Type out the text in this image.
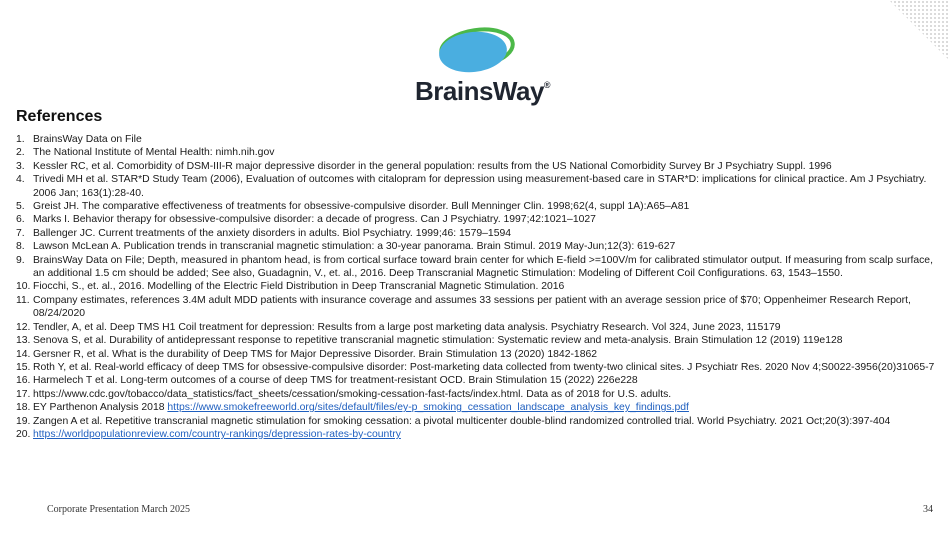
BrainsWay®
References
1. BrainsWay Data on File
2. The National Institute of Mental Health: nimh.nih.gov
3. Kessler RC, et al. Comorbidity of DSM-III-R major depressive disorder in the general population: results from the US National Comorbidity Survey Br J Psychiatry Suppl. 1996
4. Trivedi MH et al. STAR*D Study Team (2006), Evaluation of outcomes with citalopram for depression using measurement-based care in STAR*D: implications for clinical practice. Am J Psychiatry. 2006 Jan; 163(1):28-40.
5. Greist JH. The comparative effectiveness of treatments for obsessive-compulsive disorder. Bull Menninger Clin. 1998;62(4, suppl 1A):A65–A81
6. Marks I. Behavior therapy for obsessive-compulsive disorder: a decade of progress. Can J Psychiatry. 1997;42:1021–1027
7. Ballenger JC. Current treatments of the anxiety disorders in adults. Biol Psychiatry. 1999;46: 1579–1594
8. Lawson McLean A. Publication trends in transcranial magnetic stimulation: a 30-year panorama. Brain Stimul. 2019 May-Jun;12(3): 619-627
9. BrainsWay Data on File; Depth, measured in phantom head, is from cortical surface toward brain center for which E-field >=100V/m for calibrated stimulator output. If measuring from scalp surface, an additional 1.5 cm should be added; See also, Guadagnin, V., et. al., 2016. Deep Transcranial Magnetic Stimulation: Modeling of Different Coil Configurations. 63, 1543–1550.
10. Fiocchi, S., et. al., 2016. Modelling of the Electric Field Distribution in Deep Transcranial Magnetic Stimulation. 2016
11. Company estimates, references 3.4M adult MDD patients with insurance coverage and assumes 33 sessions per patient with an average session price of $70; Oppenheimer Research Report, 08/24/2020
12. Tendler, A, et al. Deep TMS H1 Coil treatment for depression: Results from a large post marketing data analysis. Psychiatry Research. Vol 324, June 2023, 115179
13. Senova S, et al. Durability of antidepressant response to repetitive transcranial magnetic stimulation: Systematic review and meta-analysis. Brain Stimulation 12 (2019) 119e128
14. Gersner R, et al. What is the durability of Deep TMS for Major Depressive Disorder. Brain Stimulation 13 (2020) 1842-1862
15. Roth Y, et al. Real-world efficacy of deep TMS for obsessive-compulsive disorder: Post-marketing data collected from twenty-two clinical sites. J Psychiatr Res. 2020 Nov 4;S0022-3956(20)31065-7
16. Harmelech T et al. Long-term outcomes of a course of deep TMS for treatment-resistant OCD. Brain Stimulation 15 (2022) 226e228
17. https://www.cdc.gov/tobacco/data_statistics/fact_sheets/cessation/smoking-cessation-fast-facts/index.html. Data as of 2018 for U.S. adults.
18. EY Parthenon Analysis 2018 https://www.smokefreeworld.org/sites/default/files/ey-p_smoking_cessation_landscape_analysis_key_findings.pdf
19. Zangen A et al. Repetitive transcranial magnetic stimulation for smoking cessation: a pivotal multicenter double-blind randomized controlled trial. World Psychiatry. 2021 Oct;20(3):397-404
20. https://worldpopulationreview.com/country-rankings/depression-rates-by-country
Corporate Presentation March 2025	34
